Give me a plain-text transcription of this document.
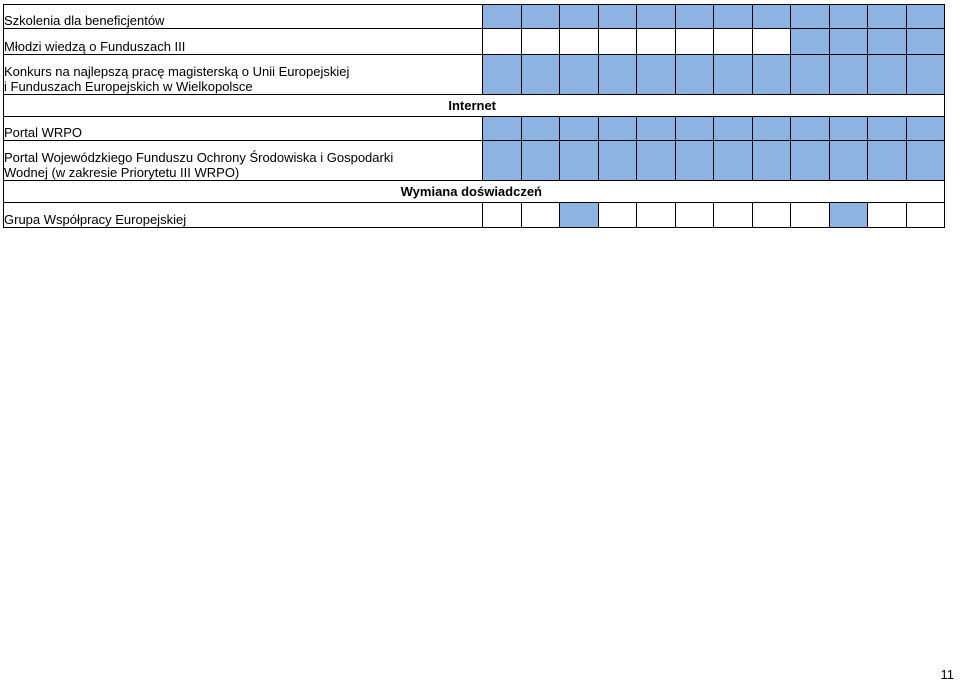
Szkolenia dla beneficjentów												
Młodzi wiedzą o Funduszach III												

Konkurs na najlepszą pracę magisterską o Unii Europejskiej
i Funduszach Europejskich w Wielkopolsce												

Internet												
Portal WRPO												

Portal Wojewódzkiego Funduszu Ochrony Środowiska i Gospodarki
Wodnej (w zakresie Priorytetu III WRPO)												

Wymiana doświadczeń												
Grupa Współpracy Europejskiej												
11
